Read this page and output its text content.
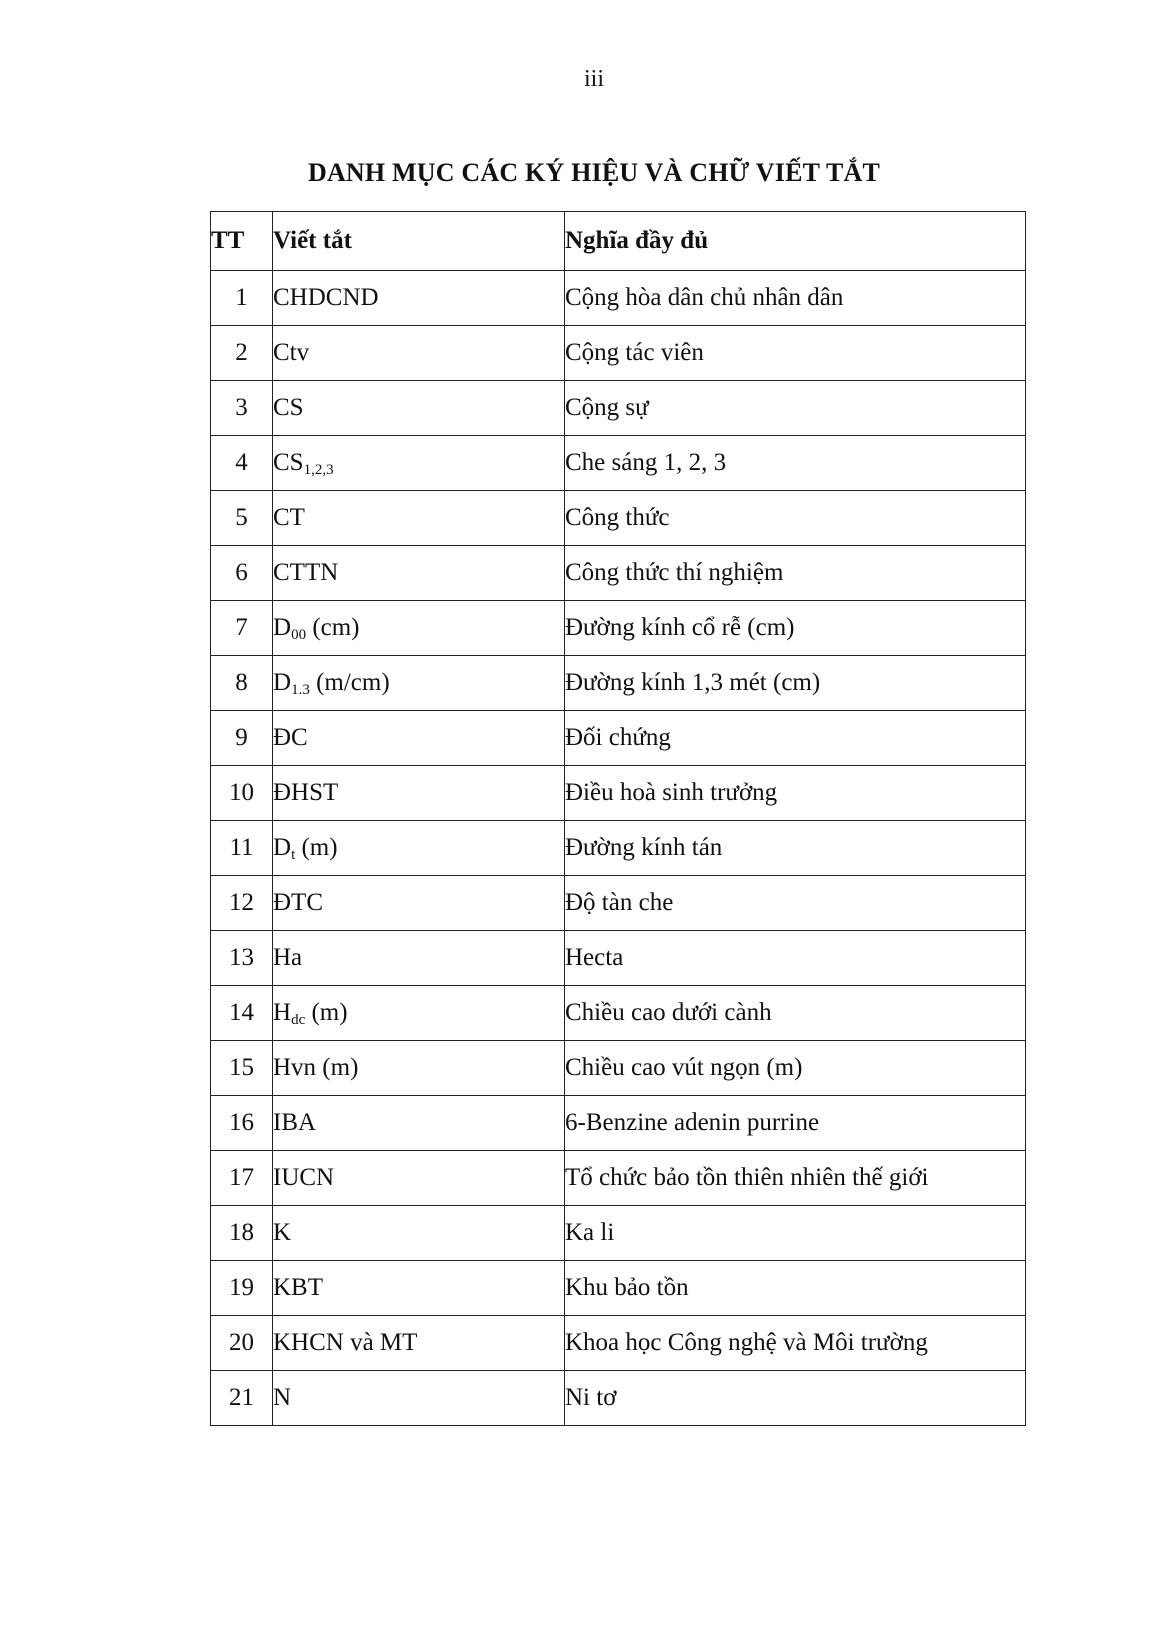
iii
DANH MỤC CÁC KÝ HIỆU VÀ CHỮ VIẾT TẮT
TT	Viết tắt	Nghĩa đầy đủ
1	CHDCND	Cộng hòa dân chủ nhân dân
2	Ctv	Cộng tác viên
3	CS	Cộng sự
4	$CS_{1,2,3}$	Che sáng 1, 2, 3
5	CT	Công thức
6	CTTN	Công thức thí nghiệm
7	$D_{00}$ (cm)	Đường kính cổ rễ (cm)
8	$D_{1.3}$ (m/cm)	Đường kính 1,3 mét (cm)
9	ĐC	Đối chứng
10	ĐHST	Điều hoà sinh trưởng
11	$D_t$ (m)	Đường kính tán
12	ĐTC	Độ tàn che
13	Ha	Hecta
14	$H_{dc}$ (m)	Chiều cao dưới cành
15	Hvn (m)	Chiều cao vút ngọn (m)
16	IBA	6-Benzine adenin purrine
17	IUCN	Tổ chức bảo tồn thiên nhiên thế giới
18	K	Ka li
19	KBT	Khu bảo tồn
20	KHCN và MT	Khoa học Công nghệ và Môi trường
21	N	Ni tơ
